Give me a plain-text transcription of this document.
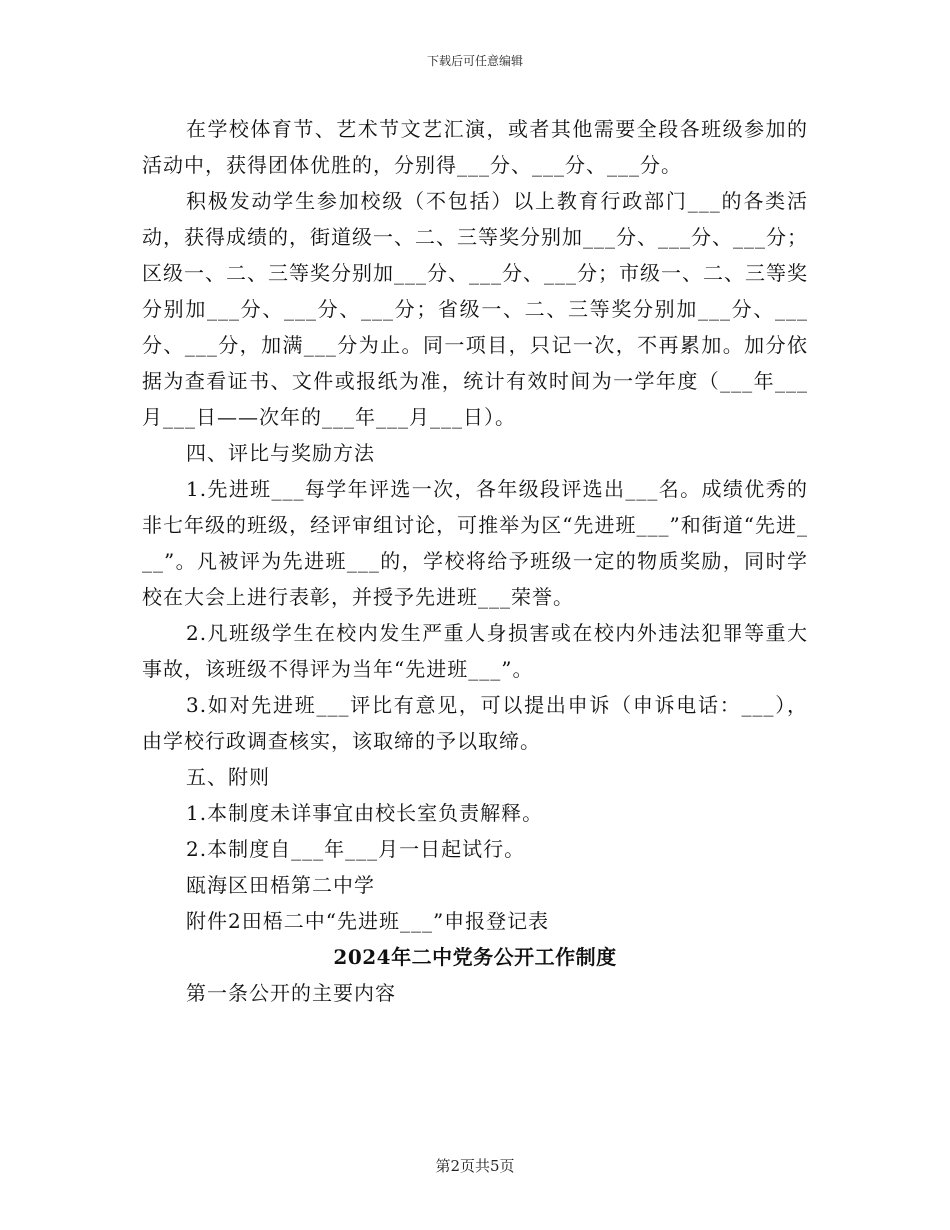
下载后可任意编辑

在学校体育节、艺术节文艺汇演，或者其他需要全段各班级参加的活动中，获得团体优胜的，分别得___分、___分、___分。

积极发动学生参加校级（不包括）以上教育行政部门___的各类活动，获得成绩的，街道级一、二、三等奖分别加___分、___分、___分；区级一、二、三等奖分别加___分、___分、___分；市级一、二、三等奖分别加___分、___分、___分；省级一、二、三等奖分别加___分、___分、___分，加满___分为止。同一项目，只记一次，不再累加。加分依据为查看证书、文件或报纸为准，统计有效时间为一学年度（___年___月___日——次年的___年___月___日）。

四、评比与奖励方法

1.先进班___每学年评选一次，各年级段评选出___名。成绩优秀的非七年级的班级，经评审组讨论，可推举为区“先进班___”和街道“先进___”。凡被评为先进班___的，学校将给予班级一定的物质奖励，同时学校在大会上进行表彰，并授予先进班___荣誉。

2.凡班级学生在校内发生严重人身损害或在校内外违法犯罪等重大事故，该班级不得评为当年“先进班___”。

3.如对先进班___评比有意见，可以提出申诉（申诉电话：___），由学校行政调查核实，该取缔的予以取缔。

五、附则

1.本制度未详事宜由校长室负责解释。

2.本制度自___年___月一日起试行。

瓯海区田梧第二中学

附件2田梧二中“先进班___”申报登记表

2024年二中党务公开工作制度

第一条公开的主要内容

第2页共5页
